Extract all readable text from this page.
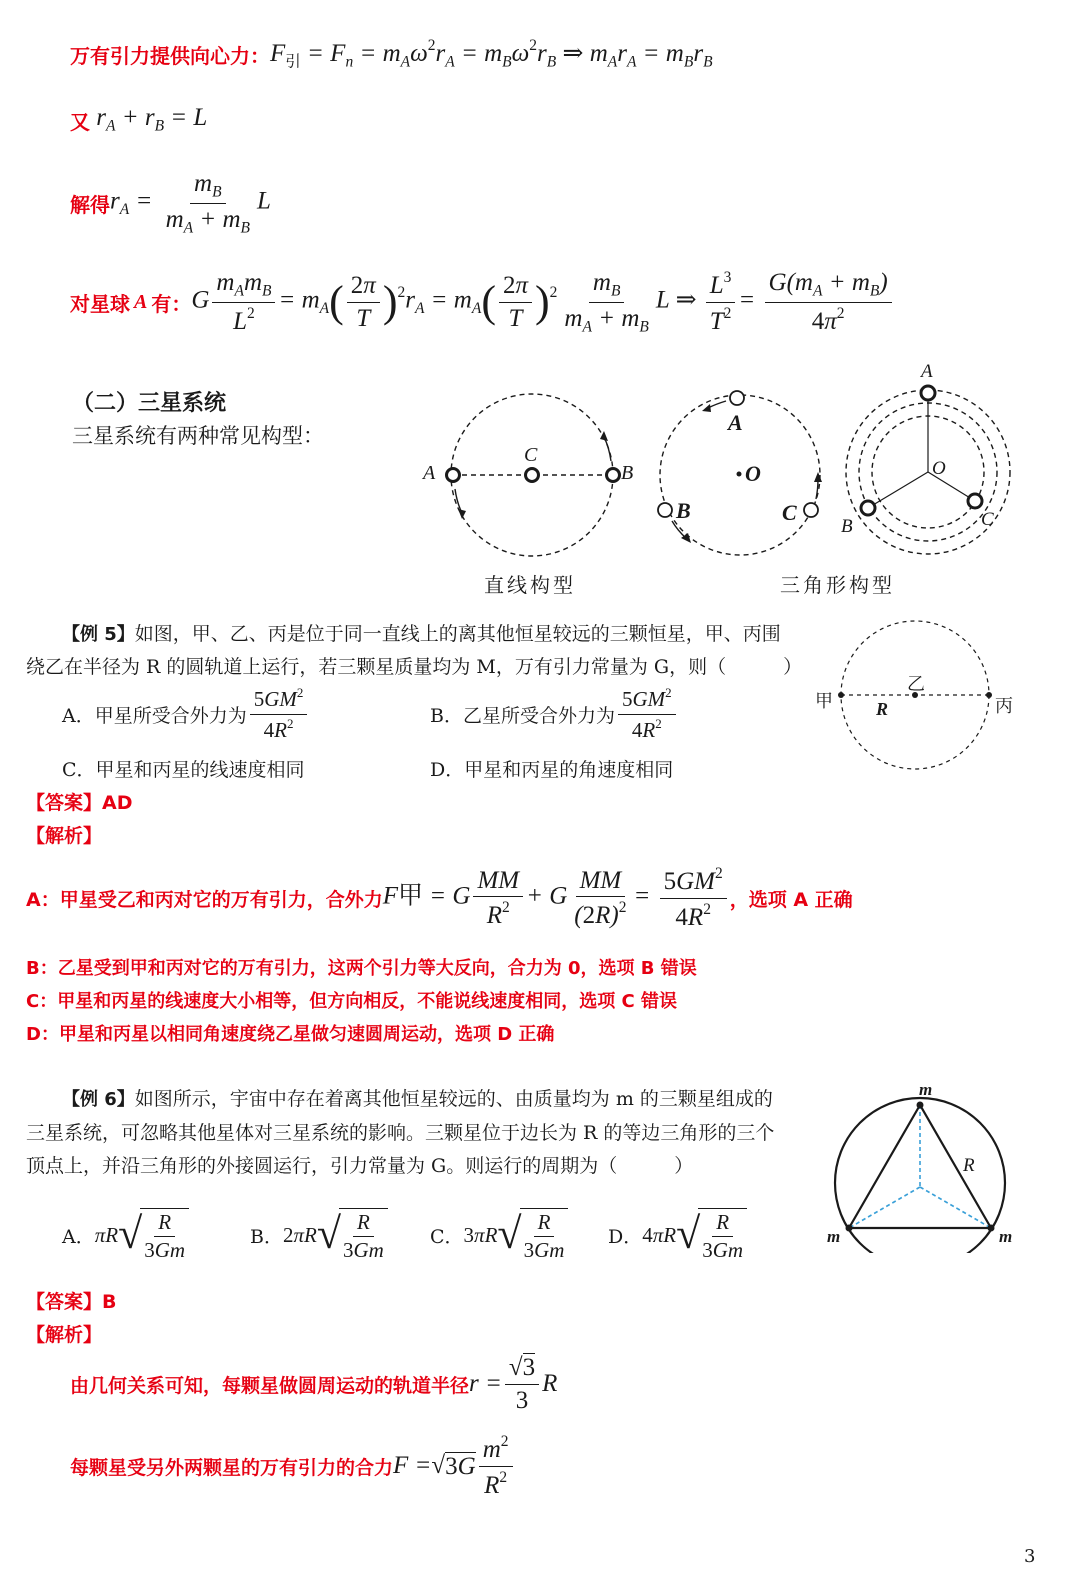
万有引力提供向心力： $F_引 = F_n = m_A\omega^2r_A = m_B\omega^2r_B$ ⇒ $m_Ar_A = m_Br_B$
又 $r_A + r_B = L$
解得 $r_A = \frac{m_B}{m_A + m_B}$ L
对星球 A 有： G $\frac{m_Am_B}{L^2} = m_A( \frac{2\pi}{T} )^2r_A = m_A( \frac{2\pi}{T} )^2 \frac{m_B}{m_A + m_B}$ L ⇒ $\frac{L^3}{T^2} = \frac{G(m_A + m_B)}{4\pi^2}$
（二）三星系统
三星系统有两种常见构型：
A
C
B
直线构型
A
O
B	C
A
O
B	C
三角形构型
【例 5】如图，甲、乙、丙是位于同一直线上的离其他恒星较远的三颗恒星，甲、丙围
绕乙在半径为 R 的圆轨道上运行，若三颗星质量均为 M，万有引力常量为 G，则（　　　）
A．甲星所受合外力为 $\frac{5GM^2}{4R^2}$	B．乙星所受合外力为 $\frac{5GM^2}{4R^2}$
C．甲星和丙星的线速度相同	D．甲星和丙星的角速度相同
【答案】AD
【解析】
A：甲星受乙和丙对它的万有引力，合外力 F甲 = G $\frac{MM}{R^2} + G \frac{MM}{(2R)^2} = \frac{5GM^2}{4R^2}$ ，选项 A 正确
B：乙星受到甲和丙对它的万有引力，这两个引力等大反向，合力为 0，选项 B 错误
C：甲星和丙星的线速度大小相等，但方向相反，不能说线速度相同，选项 C 错误
D：甲星和丙星以相同角速度绕乙星做匀速圆周运动，选项 D 正确
甲
乙
丙
R
【例 6】如图所示，宇宙中存在着离其他恒星较远的、由质量均为 m 的三颗星组成的
三星系统，可忽略其他星体对三星系统的影响。三颗星位于边长为 R 的等边三角形的三个
顶点上，并沿三角形的外接圆运行，引力常量为 G。则运行的周期为（　　　）
A． πR √
$\frac{R}{3Gm}$	B． 2 πR √
$\frac{R}{3Gm}$ C． 3 πR √
$\frac{R}{3Gm}$ D． 4 πR √
$\frac{R}{3Gm}$
【答案】B
【解析】
由几何关系可知，每颗星做圆周运动的轨道半径 $r = \frac{√3}{3}$ R
每颗星受另外两颗星的万有引力的合力 F = √ $3G \frac{m^2}{R^2}$
m
m	m
R
3
